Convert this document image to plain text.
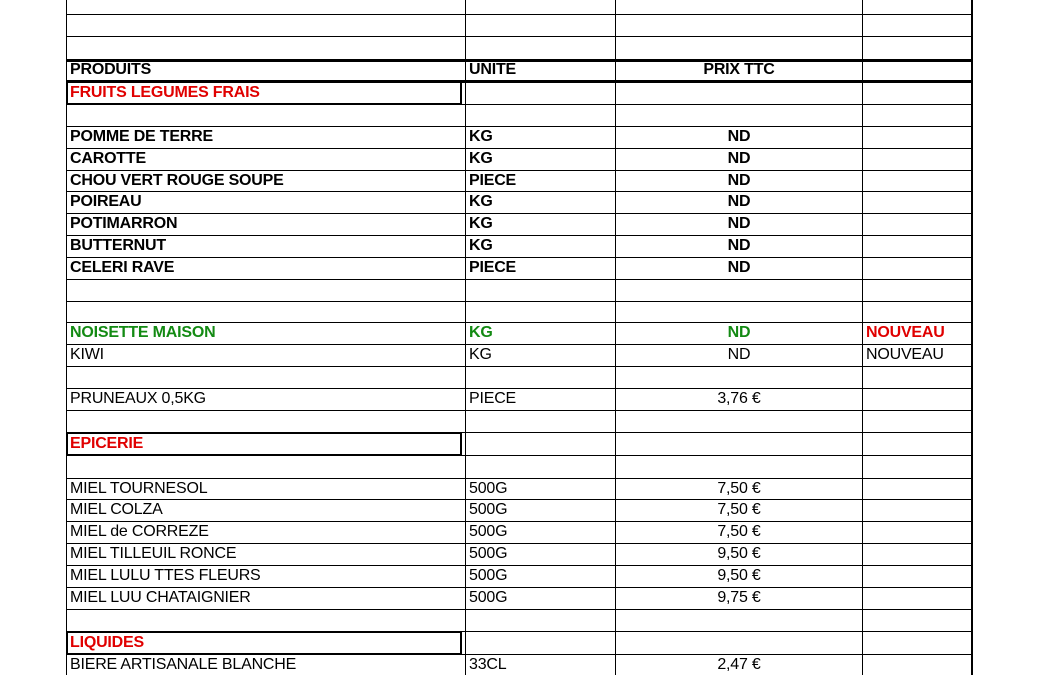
PRODUITS	UNITE	PRIX TTC
FRUITS LEGUMES FRAIS
POMME DE TERRE	KG	ND
CAROTTE	KG	ND
CHOU VERT ROUGE SOUPE	PIECE	ND
POIREAU	KG	ND
POTIMARRON	KG	ND
BUTTERNUT	KG	ND
CELERI RAVE	PIECE	ND
NOISETTE MAISON	KG	ND	NOUVEAU
KIWI	KG	ND	NOUVEAU
PRUNEAUX 0,5KG	PIECE	3,76 €
EPICERIE
MIEL TOURNESOL	500G	7,50 €
MIEL COLZA	500G	7,50 €
MIEL de CORREZE	500G	7,50 €
MIEL TILLEUIL RONCE	500G	9,50 €
MIEL LULU TTES FLEURS	500G	9,50 €
MIEL LUU CHATAIGNIER	500G	9,75 €
LIQUIDES
BIERE ARTISANALE BLANCHE	33CL	2,47 €
